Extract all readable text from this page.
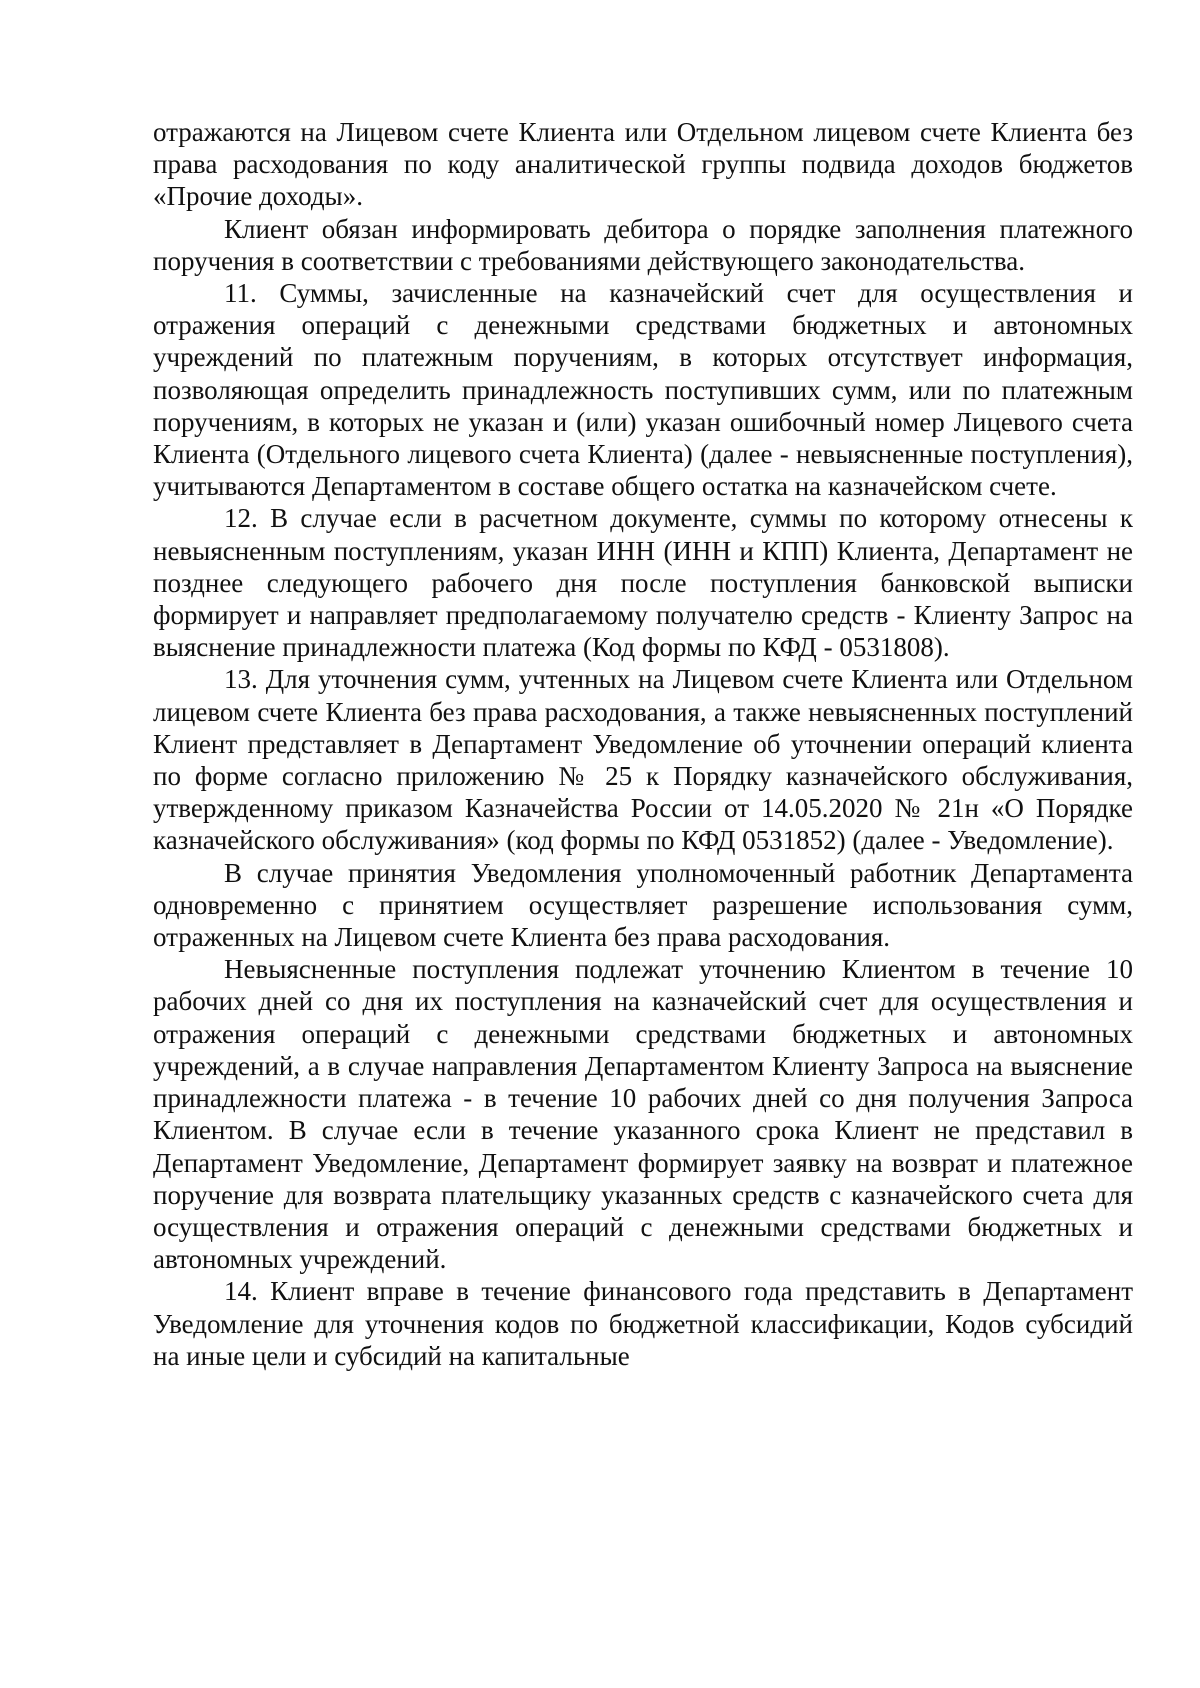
отражаются на Лицевом счете Клиента или Отдельном лицевом счете Клиента без права расходования по коду аналитической группы подвида доходов бюджетов «Прочие доходы».

Клиент обязан информировать дебитора о порядке заполнения платежного поручения в соответствии с требованиями действующего законодательства.

11. Суммы, зачисленные на казначейский счет для осуществления и отражения операций с денежными средствами бюджетных и автономных учреждений по платежным поручениям, в которых отсутствует информация, позволяющая определить принадлежность поступивших сумм, или по платежным поручениям, в которых не указан и (или) указан ошибочный номер Лицевого счета Клиента (Отдельного лицевого счета Клиента) (далее - невыясненные поступления), учитываются Департаментом в составе общего остатка на казначейском счете.

12. В случае если в расчетном документе, суммы по которому отнесены к невыясненным поступлениям, указан ИНН (ИНН и КПП) Клиента, Департамент не позднее следующего рабочего дня после поступления банковской выписки формирует и направляет предполагаемому получателю средств - Клиенту Запрос на выяснение принадлежности платежа (Код формы по КФД - 0531808).

13. Для уточнения сумм, учтенных на Лицевом счете Клиента или Отдельном лицевом счете Клиента без права расходования, а также невыясненных поступлений Клиент представляет в Департамент Уведомление об уточнении операций клиента по форме согласно приложению № 25 к Порядку казначейского обслуживания, утвержденному приказом Казначейства России от 14.05.2020 № 21н «О Порядке казначейского обслуживания» (код формы по КФД 0531852) (далее - Уведомление).

В случае принятия Уведомления уполномоченный работник Департамента одновременно с принятием осуществляет разрешение использования сумм, отраженных на Лицевом счете Клиента без права расходования.

Невыясненные поступления подлежат уточнению Клиентом в течение 10 рабочих дней со дня их поступления на казначейский счет для осуществления и отражения операций с денежными средствами бюджетных и автономных учреждений, а в случае направления Департаментом Клиенту Запроса на выяснение принадлежности платежа - в течение 10 рабочих дней со дня получения Запроса Клиентом. В случае если в течение указанного срока Клиент не представил в Департамент Уведомление, Департамент формирует заявку на возврат и платежное поручение для возврата плательщику указанных средств с казначейского счета для осуществления и отражения операций с денежными средствами бюджетных и автономных учреждений.

14. Клиент вправе в течение финансового года представить в Департамент Уведомление для уточнения кодов по бюджетной классификации, Кодов субсидий на иные цели и субсидий на капитальные
